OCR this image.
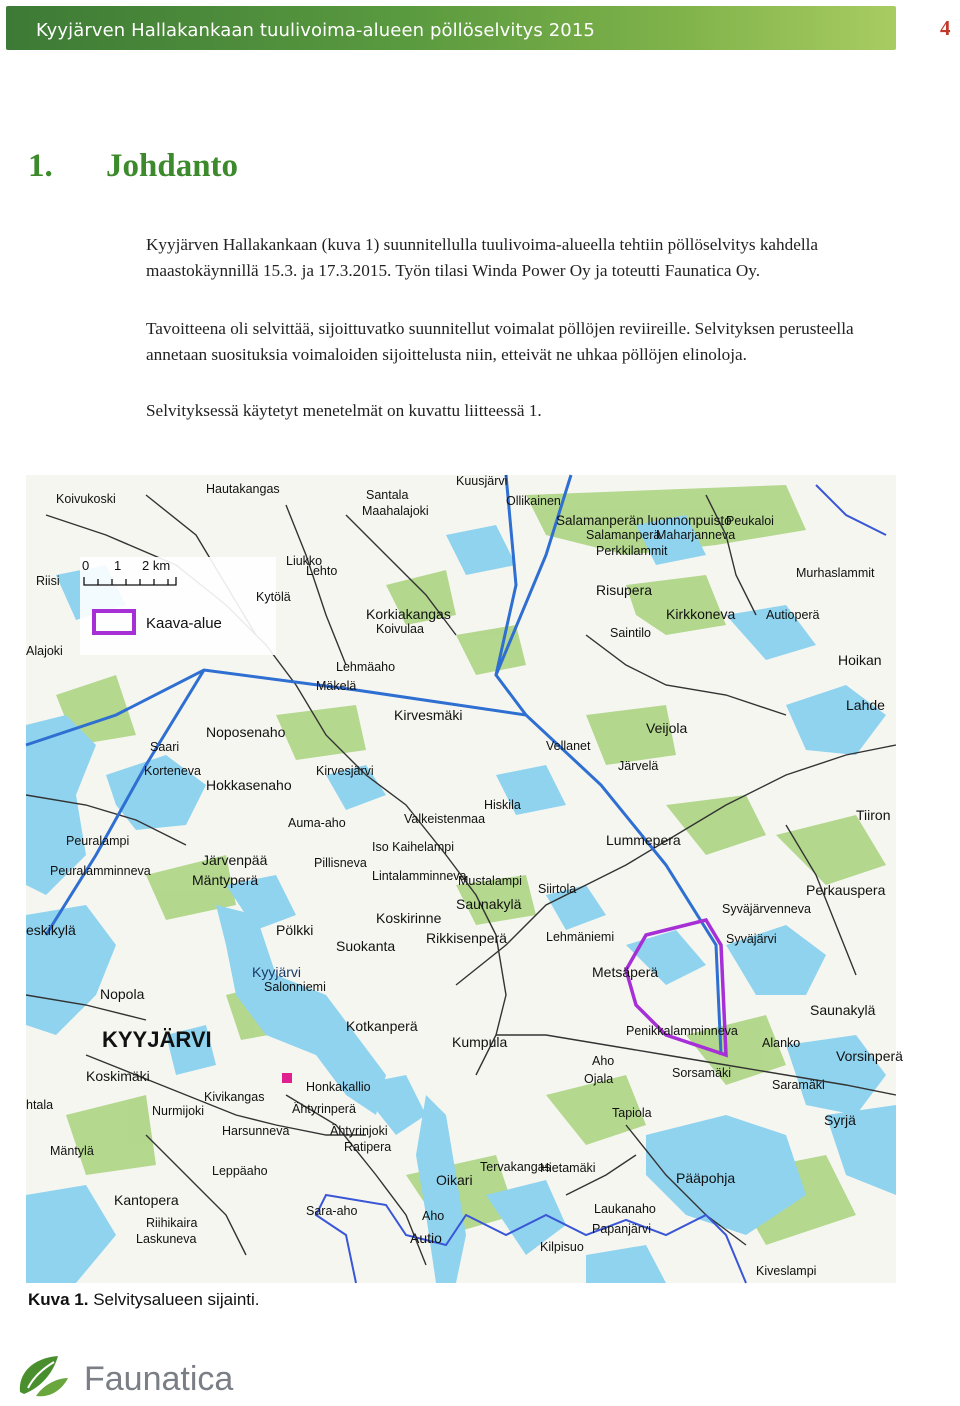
Kyyjärven Hallakankaan tuulivoima-alueen pöllöselvitys 2015	4
1. Johdanto

Kyyjärven Hallakankaan (kuva 1) suunnitellulla tuulivoima-alueella tehtiin pöllöselvitys kahdella maastokäynnillä 15.3. ja 17.3.2015. Työn tilasi Winda Power Oy ja toteutti Faunatica Oy.

Tavoitteena oli selvittää, sijoittuvatko suunnitellut voimalat pöllöjen reviireille. Selvityksen perusteella annetaan suosituksia voimaloiden sijoittelusta niin, etteivät ne uhkaa pöllöjen elinoloja.

Selvityksessä käytetyt menetelmät on kuvattu liitteessä 1.

0 1 2 km
Kaava-alue
Kuusjärvi
Koivukoski
Hautakangas	Santala
Maahalajoki
Ollikainen
Salamanperän luonnonpuisto
Maharjanneva
Peukaloi
Salamanperä
Perkkilammit
Murhaslammit
Risupera
Kirkkoneva
Saintilo
Autioperä
Hoikan
Riisi
Liukko
Lehto
Kytölä
Korkiakangas
Koivulaa
Alajoki
Lehmäaho
Mäkelä
Kirvesmäki
Noposenaho
Hokkasenaho
Kirvesjärvi
Vellanet
Veijola
Lummepera
Tiiron
Lahde
Järvelä
Saari
Korteneva
Valkeistenmaa
Hiskila
Auma-aho
Iso Kaihelampi
Peuralampi
Peuralamminneva
Järvenpää
Mäntyperä
Pillisneva
Lintalamminneva
Mustalampi
Siirtola
Saunakylä
Perkauspera
Syväjärvenneva
eskikylä	Pölkki
Koskirinne
Rikkisenperä
Suokanta
Lehmäniemi
Metsäperä
Syväjärvi
Kyyjärvi
Salonniemi
Nopola
KYYJÄRVI
Kotkanperä
Kumpula
Penikkalamminneva
Aho
Ojala
Alanko
Vorsinperä
Saunakylä
Koskimäki
Honkakallio
Sorsamäki
htala
Kivikangas
Nurmijoki	Ähtyrinperä	Tapiola
Saramäki
Syrjä
Harsunneva	Ähtyrinjoki
Ratipera
Mäntylä
Leppäaho	Hietamäki
Tervakangas
Oikari	Pääpohja
Kantopera
Riihikaira
Laskuneva
Sara-aho	Aho
Autio
Laukanaho
Papanjärvi
Kilpisuo
Kiveslampi
Kuva 1. Selvitysalueen sijainti.
Faunatica
